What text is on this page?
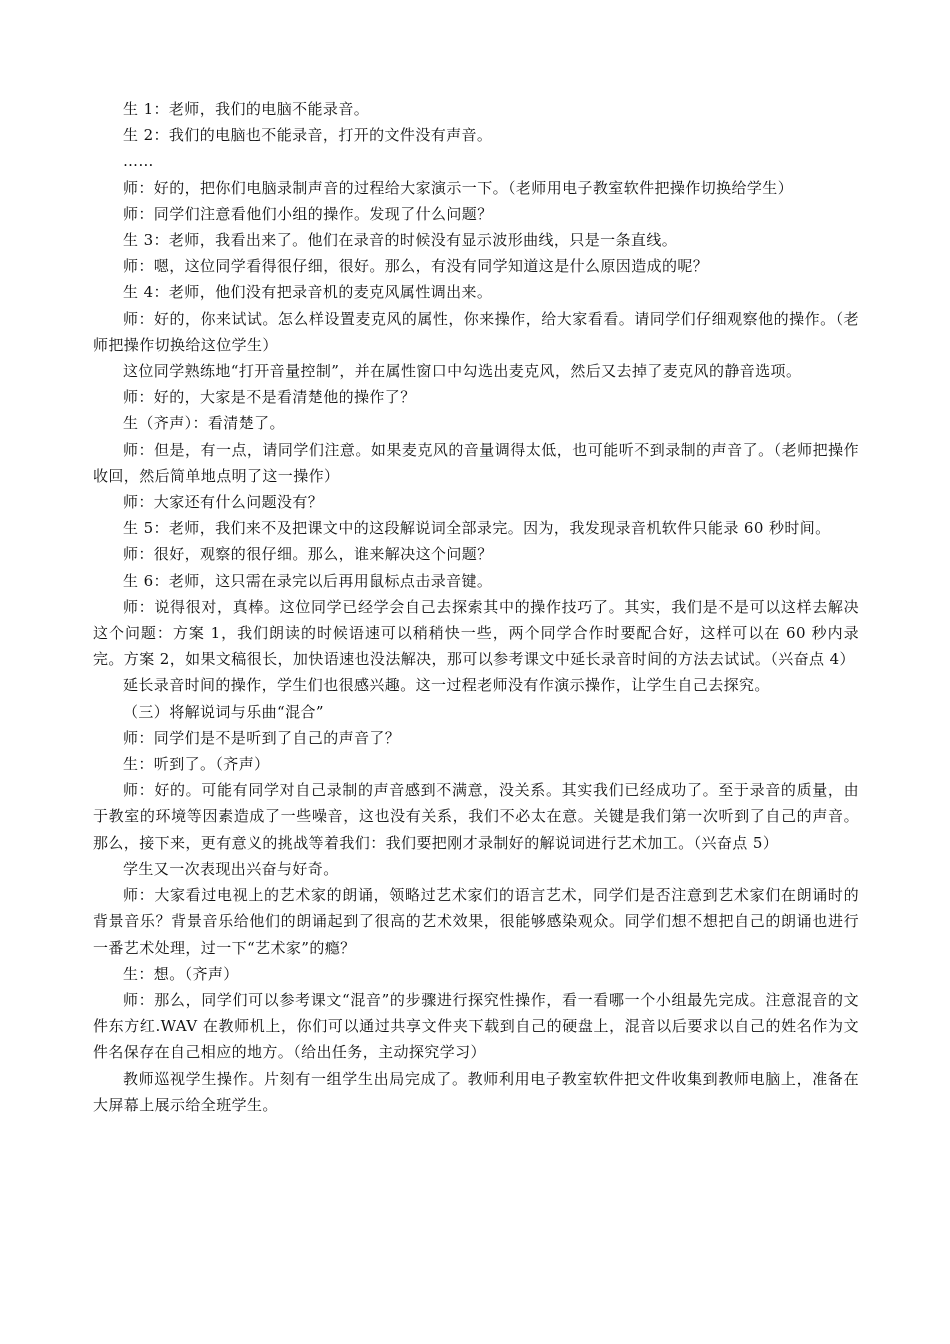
生 1：老师，我们的电脑不能录音。

生 2：我们的电脑也不能录音，打开的文件没有声音。

……

师：好的，把你们电脑录制声音的过程给大家演示一下。（老师用电子教室软件把操作切换给学生）

师：同学们注意看他们小组的操作。发现了什么问题？

生 3：老师，我看出来了。他们在录音的时候没有显示波形曲线，只是一条直线。

师：嗯，这位同学看得很仔细，很好。那么，有没有同学知道这是什么原因造成的呢？

生 4：老师，他们没有把录音机的麦克风属性调出来。

师：好的，你来试试。怎么样设置麦克风的属性，你来操作，给大家看看。请同学们仔细观察他的操作。（老师把操作切换给这位学生）

这位同学熟练地“打开音量控制”，并在属性窗口中勾选出麦克风，然后又去掉了麦克风的静音选项。

师：好的，大家是不是看清楚他的操作了？

生（齐声）：看清楚了。

师：但是，有一点，请同学们注意。如果麦克风的音量调得太低，也可能听不到录制的声音了。（老师把操作收回，然后简单地点明了这一操作）

师：大家还有什么问题没有？

生 5：老师，我们来不及把课文中的这段解说词全部录完。因为，我发现录音机软件只能录 60 秒时间。

师：很好，观察的很仔细。那么，谁来解决这个问题？

生 6：老师，这只需在录完以后再用鼠标点击录音键。

师：说得很对，真棒。这位同学已经学会自己去探索其中的操作技巧了。其实，我们是不是可以这样去解决这个问题：方案 1，我们朗读的时候语速可以稍稍快一些，两个同学合作时要配合好，这样可以在 60 秒内录完。方案 2，如果文稿很长，加快语速也没法解决，那可以参考课文中延长录音时间的方法去试试。（兴奋点 4）

延长录音时间的操作，学生们也很感兴趣。这一过程老师没有作演示操作，让学生自己去探究。

（三）将解说词与乐曲“混合”

师：同学们是不是听到了自己的声音了？

生：听到了。（齐声）

师：好的。可能有同学对自己录制的声音感到不满意，没关系。其实我们已经成功了。至于录音的质量，由于教室的环境等因素造成了一些噪音，这也没有关系，我们不必太在意。关键是我们第一次听到了自己的声音。那么，接下来，更有意义的挑战等着我们：我们要把刚才录制好的解说词进行艺术加工。（兴奋点 5）

学生又一次表现出兴奋与好奇。

师：大家看过电视上的艺术家的朗诵，领略过艺术家们的语言艺术，同学们是否注意到艺术家们在朗诵时的背景音乐？背景音乐给他们的朗诵起到了很高的艺术效果，很能够感染观众。同学们想不想把自己的朗诵也进行一番艺术处理，过一下“艺术家”的瘾？

生：想。（齐声）

师：那么，同学们可以参考课文“混音”的步骤进行探究性操作，看一看哪一个小组最先完成。注意混音的文件东方红.WAV 在教师机上，你们可以通过共享文件夹下载到自己的硬盘上，混音以后要求以自己的姓名作为文件名保存在自己相应的地方。（给出任务，主动探究学习）

教师巡视学生操作。片刻有一组学生出局完成了。教师利用电子教室软件把文件收集到教师电脑上，准备在大屏幕上展示给全班学生。
